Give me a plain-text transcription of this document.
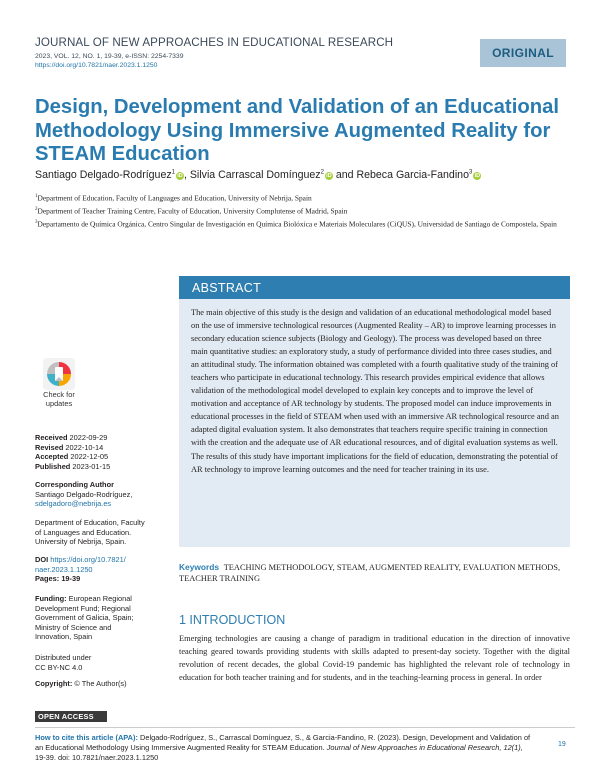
JOURNAL OF NEW APPROACHES IN EDUCATIONAL RESEARCH
2023, VOL. 12, NO. 1, 19-39, e-ISSN: 2254-7339
https://doi.org/10.7821/naer.2023.1.1250
ORIGINAL
Design, Development and Validation of an Educational Methodology Using Immersive Augmented Reality for STEAM Education
Santiago Delgado-Rodríguez$^1$iD, Silvia Carrascal Domínguez$^2$iD and Rebeca Garcia-Fandino$^3$iD
$^1$Department of Education, Faculty of Languages and Education, University of Nebrija, Spain
$^2$Department of Teacher Training Centre, Faculty of Education, University Complutense of Madrid, Spain
$^3$Departamento de Química Orgánica, Centro Singular de Investigación en Química Biolóxica e Materiais Moleculares (CiQUS), Universidad de Santiago de Compostela, Spain
ABSTRACT
The main objective of this study is the design and validation of an educational methodological model based on the use of immersive technological resources (Augmented Reality – AR) to improve learning processes in secondary education science subjects (Biology and Geology). The process was developed based on three main quantitative studies: an exploratory study, a study of performance divided into three cases studies, and an attitudinal study. The information obtained was completed with a fourth qualitative study of the training of teachers who participate in educational technology. This research provides empirical evidence that allows validation of the methodological model developed to explain key concepts and to improve the level of motivation and acceptance of AR technology by students. The proposed model can induce improvements in educational processes in the field of STEAM when used with an immersive AR technological resource and an adapted digital evaluation system. It also demonstrates that teachers require specific training in connection with the creation and the adequate use of AR educational resources, and of digital evaluation systems as well. The results of this study have important implications for the field of education, demonstrating the potential of AR technology to improve learning outcomes and the need for teacher training in its use.
Check for
updates
Received 2022-09-29
Revised 2022-10-14
Accepted 2022-12-05
Published 2023-01-15
Corresponding Author
Santiago Delgado-Rodríguez,
sdelgadoro@nebrija.es
Department of Education, Faculty
of Languages and Education.
University of Nebrija, Spain.
DOI https://doi.org/10.7821/
naer.2023.1.1250
Pages: 19-39
Funding: European Regional
Development Fund; Regional
Government of Galicia, Spain;
Ministry of Science and
Innovation, Spain
Distributed under
CC BY-NC 4.0
Copyright: © The Author(s)
OPEN ACCESS
Keywords TEACHING METHODOLOGY, STEAM, AUGMENTED REALITY, EVALUATION METHODS, TEACHER TRAINING
1 INTRODUCTION
Emerging technologies are causing a change of paradigm in traditional education in the direction of innovative teaching geared towards providing students with skills adapted to present-day society. Together with the digital revolution of recent decades, the global Covid-19 pandemic has highlighted the relevant role of technology in education for both teacher training and for students, and in the teaching-learning process in general. In order
How to cite this article (APA): Delgado-Rodríguez, S., Carrascal Domínguez, S., & Garcia-Fandino, R. (2023). Design, Development and Validation of an Educational Methodology Using Immersive Augmented Reality for STEAM Education. Journal of New Approaches in Educational Research, 12(1), 19-39. doi: 10.7821/naer.2023.1.1250
19
